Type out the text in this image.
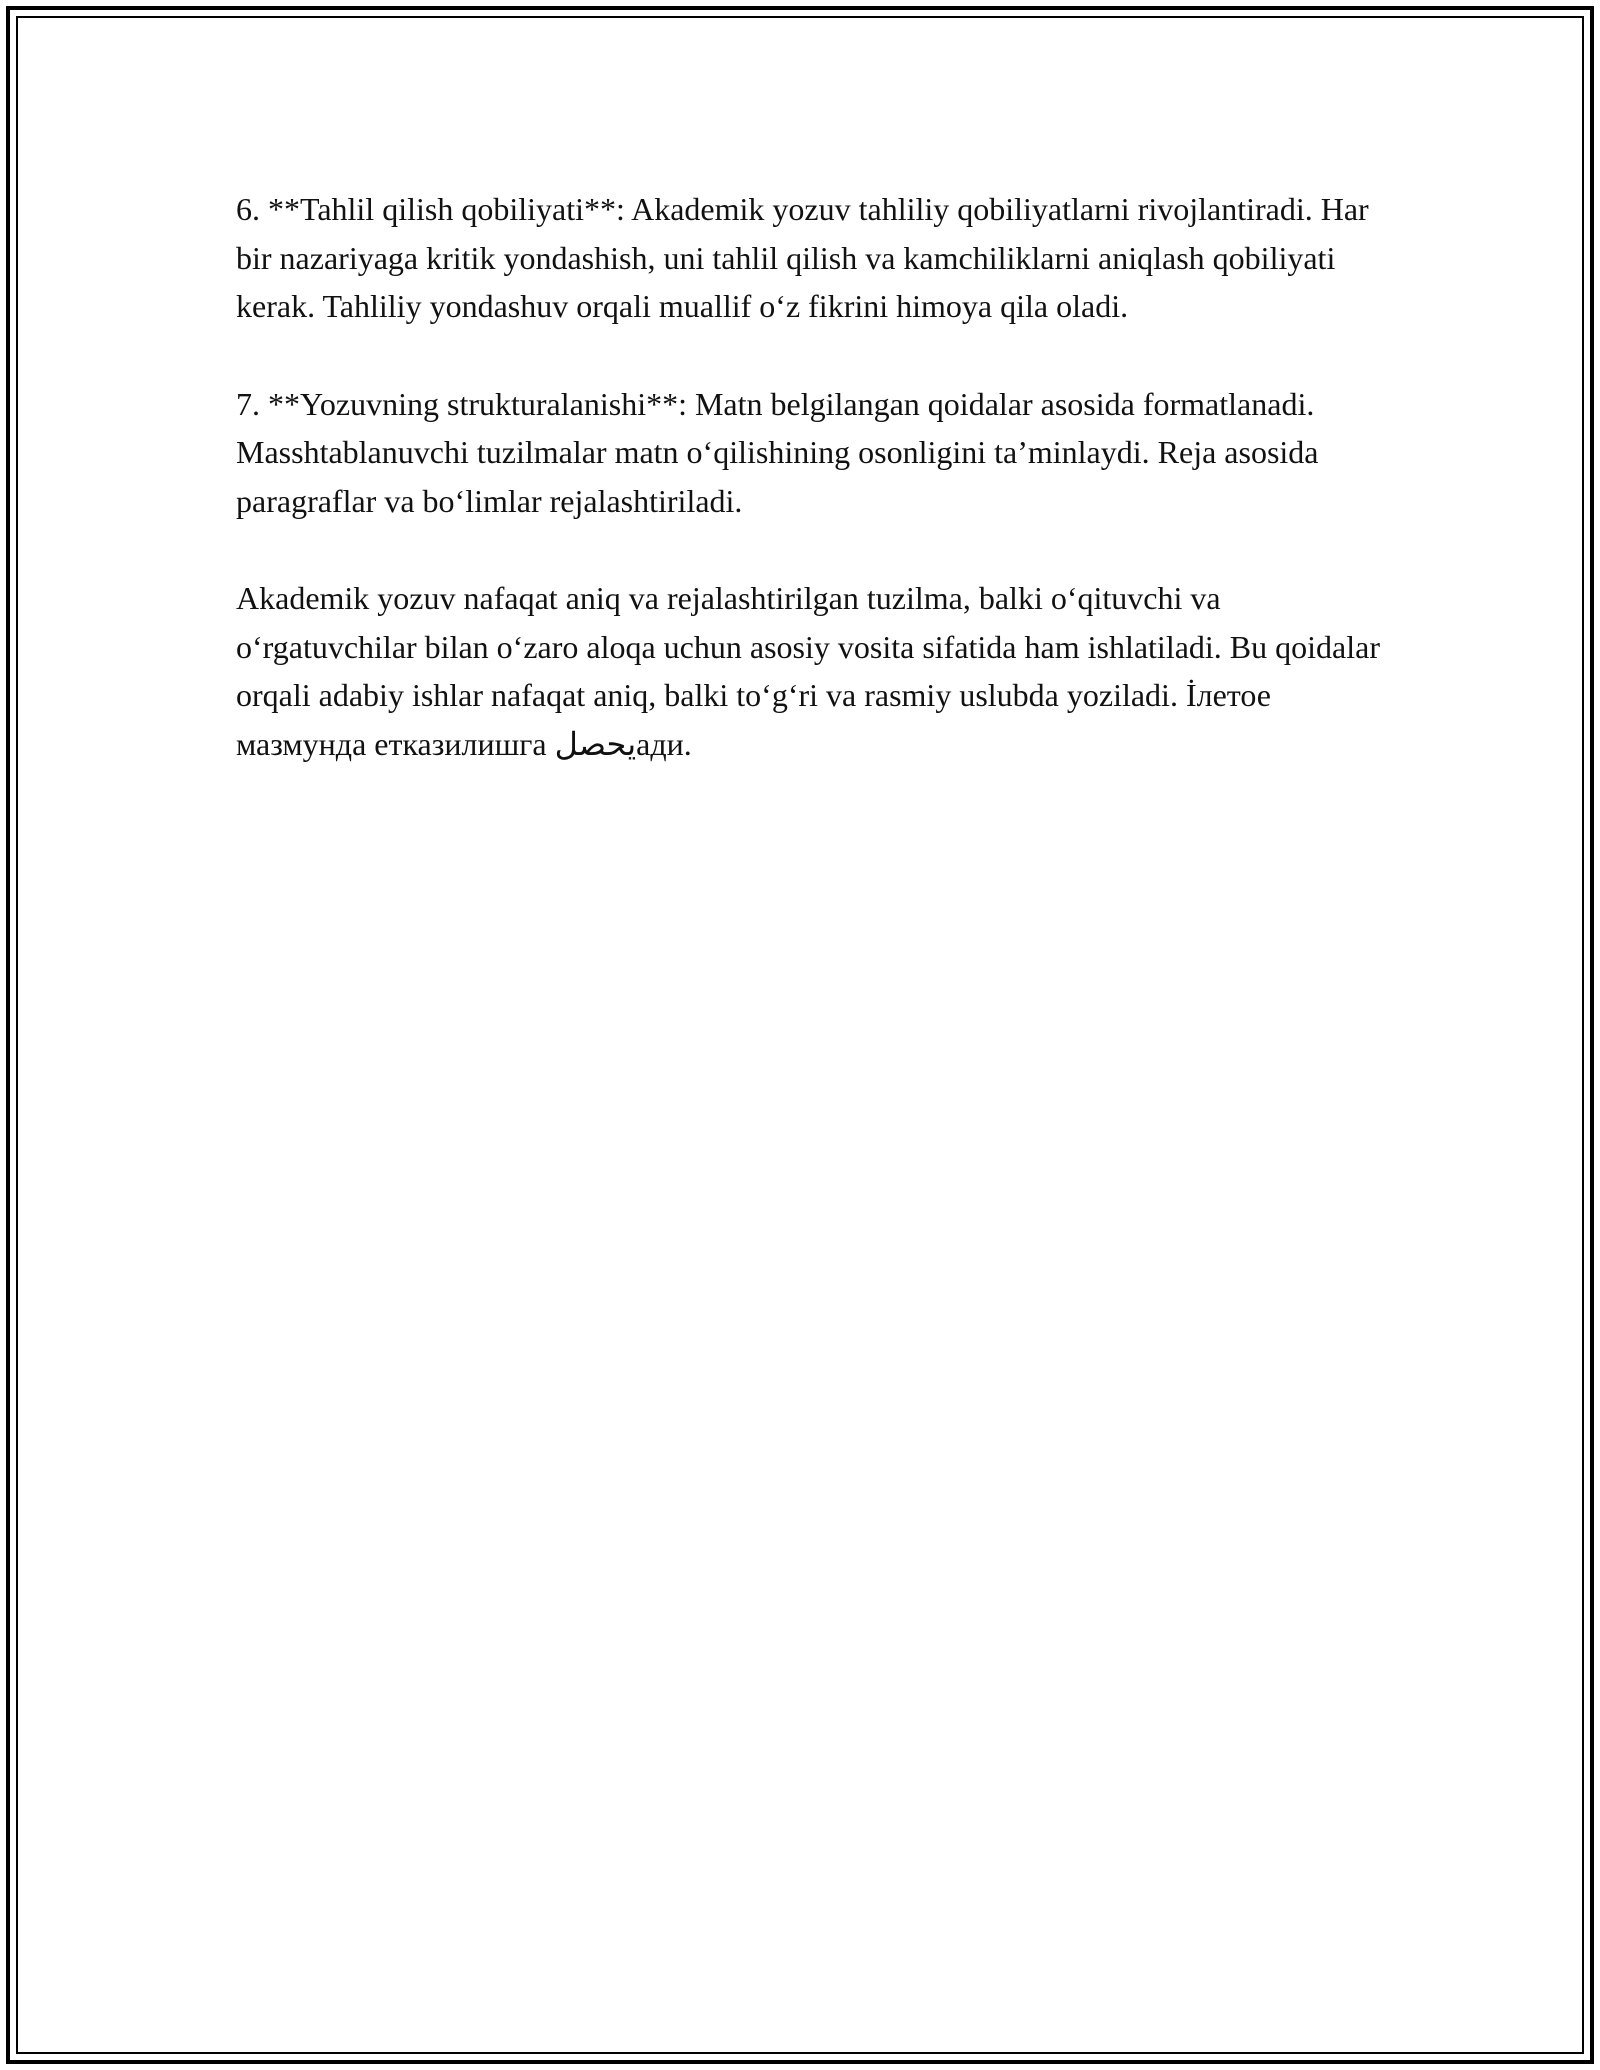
6. **Tahlil qilish qobiliyati**: Akademik yozuv tahliliy qobiliyatlarni rivojlantiradi. Har bir nazariyaga kritik yondashish, uni tahlil qilish va kamchiliklarni aniqlash qobiliyati kerak. Tahliliy yondashuv orqali muallif o‘z fikrini himoya qila oladi.

7. **Yozuvning strukturalanishi**: Matn belgilangan qoidalar asosida formatlanadi. Masshtablanuvchi tuzilmalar matn o‘qilishining osonligini ta’minlaydi. Reja asosida paragraflar va bo‘limlar rejalashtiriladi.

Akademik yozuv nafaqat aniq va rejalashtirilgan tuzilma, balki o‘qituvchi va o‘rgatuvchilar bilan o‘zaro aloqa uchun asosiy vosita sifatida ham ishlatiladi. Bu qoidalar orqali adabiy ishlar nafaqat aniq, balki to‘g‘ri va rasmiy uslubda yoziladi. İлетое мазмунда етказилишга يحصلади.
